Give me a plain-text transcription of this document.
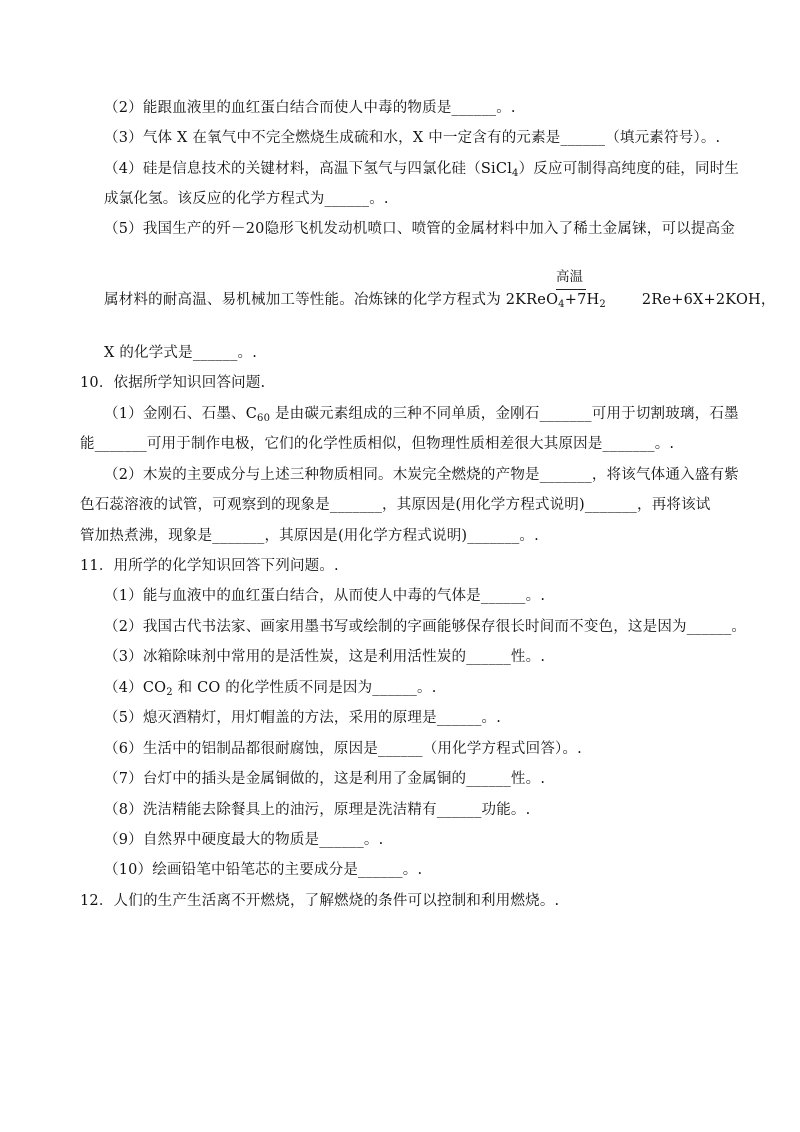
（2）能跟血液里的血红蛋白结合而使人中毒的物质是______。.
（3）气体 X 在氧气中不完全燃烧生成硫和水，X 中一定含有的元素是______（填元素符号）。.
（4）硅是信息技术的关键材料，高温下氢气与四氯化硅（SiCl$_4$）反应可制得高纯度的硅，同时生
成氯化氢。该反应的化学方程式为______。.
（5）我国生产的歼－20隐形飞机发动机喷口、喷管的金属材料中加入了稀土金属铼，可以提高金
高温
属材料的耐高温、易机械加工等性能。冶炼铼的化学方程式为 $2KReO_4+7H_2$ 2Re+6X+2KOH，
X 的化学式是______。.
10．依据所学知识回答问题.
（1）金刚石、石墨、$C_{60}$ 是由碳元素组成的三种不同单质，金刚石_______可用于切割玻璃，石墨
能_______可用于制作电极，它们的化学性质相似，但物理性质相差很大其原因是_______。.
（2）木炭的主要成分与上述三种物质相同。木炭完全燃烧的产物是_______，将该气体通入盛有紫
色石蕊溶液的试管，可观察到的现象是_______，其原因是(用化学方程式说明)_______，再将该试
管加热煮沸，现象是_______，其原因是(用化学方程式说明)_______。.
11．用所学的化学知识回答下列问题。.
（1）能与血液中的血红蛋白结合，从而使人中毒的气体是______。.
（2）我国古代书法家、画家用墨书写或绘制的字画能够保存很长时间而不变色，这是因为______。
（3）冰箱除味剂中常用的是活性炭，这是利用活性炭的______性。.
$(4)CO_2$ 和 CO 的化学性质不同是因为______。.
（5）熄灭酒精灯，用灯帽盖的方法，采用的原理是______。.
（6）生活中的铝制品都很耐腐蚀，原因是______（用化学方程式回答）。.
（7）台灯中的插头是金属铜做的，这是利用了金属铜的______性。.
（8）洗洁精能去除餐具上的油污，原理是洗洁精有______功能。.
（9）自然界中硬度最大的物质是______。.
（10）绘画铅笔中铅笔芯的主要成分是______。.
12．人们的生产生活离不开燃烧，了解燃烧的条件可以控制和利用燃烧。.
